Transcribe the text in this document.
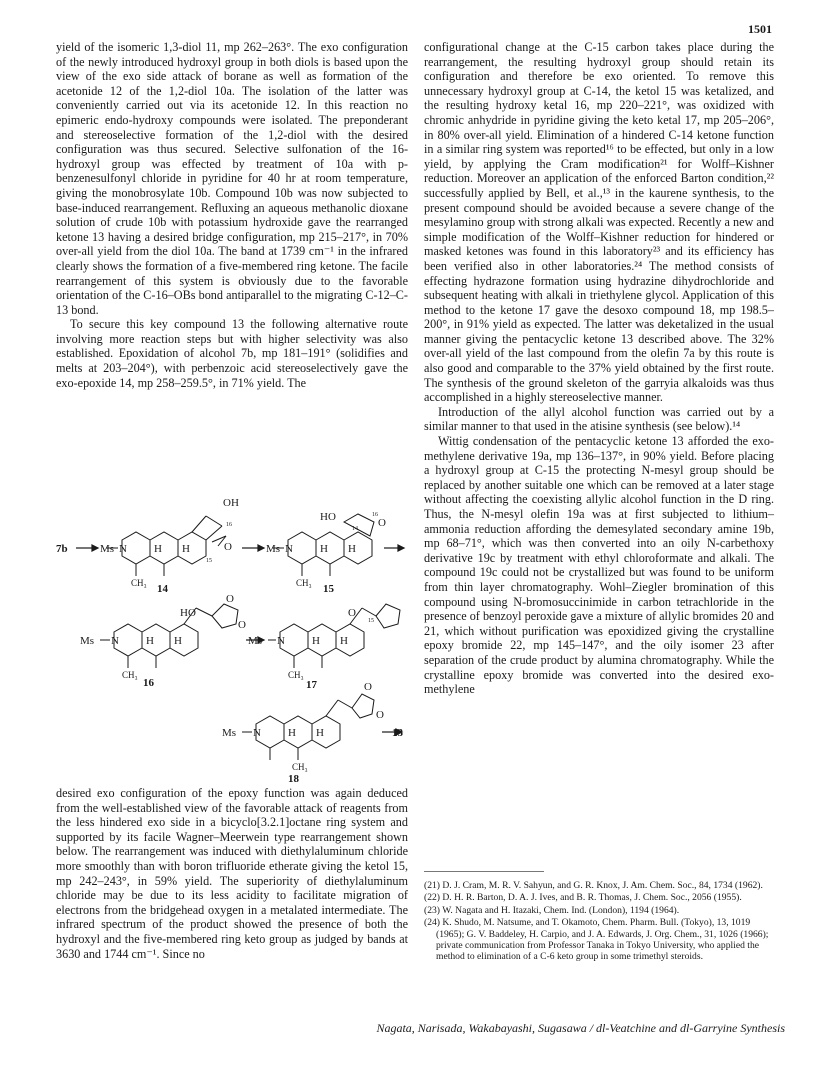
1501

yield of the isomeric 1,3-diol 11, mp 262–263°. The exo configuration of the newly introduced hydroxyl group in both diols is based upon the view of the exo side attack of borane as well as formation of the acetonide 12 of the 1,2-diol 10a. The isolation of the latter was conveniently carried out via its acetonide 12. In this reaction no epimeric endo-hydroxy compounds were isolated. The preponderant and stereoselective formation of the 1,2-diol with the desired configuration was thus secured. Selective sulfonation of the 16-hydroxyl group was effected by treatment of 10a with p-benzenesulfonyl chloride in pyridine for 40 hr at room temperature, giving the monobrosylate 10b. Compound 10b was now subjected to base-induced rearrangement. Refluxing an aqueous methanolic dioxane solution of crude 10b with potassium hydroxide gave the rearranged ketone 13 having a desired bridge configuration, mp 215–217°, in 70% over-all yield from the diol 10a. The band at 1739 cm⁻¹ in the infrared clearly shows the formation of a five-membered ring ketone. The facile rearrangement of this system is obviously due to the favorable orientation of the C-16–OBs bond antiparallel to the migrating C-12–C-13 bond.

To secure this key compound 13 the following alternative route involving more reaction steps but with higher selectivity was also established. Epoxidation of alcohol 7b, mp 181–191° (solidifies and melts at 203–204°), with perbenzoic acid stereoselectively gave the exo-epoxide 14, mp 258–259.5°, in 71% yield. The

7b	Ms N H H
OH
16
15
O
CH₃ 14
Ms N H H
HO	O
16
14
CH₃ 15
Ms N H H
HO
O
O
CH₃
16
Ms N H H
O
15
CH₃
17
Ms N H H
O
O
CH₃
18
13

desired exo configuration of the epoxy function was again deduced from the well-established view of the favorable attack of reagents from the less hindered exo side in a bicyclo[3.2.1]octane ring system and supported by its facile Wagner–Meerwein type rearrangement shown below. The rearrangement was induced with diethylaluminum chloride more smoothly than with boron trifluoride etherate giving the ketol 15, mp 242–243°, in 59% yield. The superiority of diethylaluminum chloride may be due to its less acidity to facilitate migration of electrons from the bridgehead oxygen in a metalated intermediate. The infrared spectrum of the product showed the presence of both the hydroxyl and the five-membered ring keto group as judged by bands at 3630 and 1744 cm⁻¹. Since no

configurational change at the C-15 carbon takes place during the rearrangement, the resulting hydroxyl group should retain its configuration and therefore be exo oriented. To remove this unnecessary hydroxyl group at C-14, the ketol 15 was ketalized, and the resulting hydroxy ketal 16, mp 220–221°, was oxidized with chromic anhydride in pyridine giving the keto ketal 17, mp 205–206°, in 80% over-all yield. Elimination of a hindered C-14 ketone function in a similar ring system was reported¹⁶ to be effected, but only in a low yield, by applying the Cram modification²¹ for Wolff–Kishner reduction. Moreover an application of the enforced Barton condition,²² successfully applied by Bell, et al.,¹³ in the kaurene synthesis, to the present compound should be avoided because a severe change of the mesylamino group with strong alkali was expected. Recently a new and simple modification of the Wolff–Kishner reduction for hindered or masked ketones was found in this laboratory²³ and its efficiency has been verified also in other laboratories.²⁴ The method consists of effecting hydrazone formation using hydrazine dihydrochloride and subsequent heating with alkali in triethylene glycol. Application of this method to the ketone 17 gave the desoxo compound 18, mp 198.5–200°, in 91% yield as expected. The latter was deketalized in the usual manner giving the pentacyclic ketone 13 described above. The 32% over-all yield of the last compound from the olefin 7a by this route is also good and comparable to the 37% yield obtained by the first route. The synthesis of the ground skeleton of the garryia alkaloids was thus accomplished in a highly stereoselective manner.

Introduction of the allyl alcohol function was carried out by a similar manner to that used in the atisine synthesis (see below).¹⁴

Wittig condensation of the pentacyclic ketone 13 afforded the exo-methylene derivative 19a, mp 136–137°, in 90% yield. Before placing a hydroxyl group at C-15 the protecting N-mesyl group should be replaced by another suitable one which can be removed at a later stage without affecting the coexisting allylic alcohol function in the D ring. Thus, the N-mesyl olefin 19a was at first subjected to lithium–ammonia reduction affording the demesylated secondary amine 19b, mp 68–71°, which was then converted into an oily N-carbethoxy derivative 19c by treatment with ethyl chloroformate and alkali. The compound 19c could not be crystallized but was found to be uniform from thin layer chromatography. Wohl–Ziegler bromination of this compound using N-bromosuccinimide in carbon tetrachloride in the presence of benzoyl peroxide gave a mixture of allylic bromides 20 and 21, which without purification was epoxidized giving the crystalline epoxy bromide 22, mp 145–147°, and the oily isomer 23 after separation of the crude product by alumina chromatography. While the crystalline epoxy bromide was converted into the desired exo-methylene

(21) D. J. Cram, M. R. V. Sahyun, and G. R. Knox, J. Am. Chem. Soc., 84, 1734 (1962).

(22) D. H. R. Barton, D. A. J. Ives, and B. R. Thomas, J. Chem. Soc., 2056 (1955).

(23) W. Nagata and H. Itazaki, Chem. Ind. (London), 1194 (1964).

(24) K. Shudo, M. Natsume, and T. Okamoto, Chem. Pharm. Bull. (Tokyo), 13, 1019 (1965); G. V. Baddeley, H. Carpio, and J. A. Edwards, J. Org. Chem., 31, 1026 (1966); private communication from Professor Tanaka in Tokyo University, who applied the method to elimination of a C-6 keto group in some trimethyl steroids.

Nagata, Narisada, Wakabayashi, Sugasawa / dl-Veatchine and dl-Garryine Synthesis
